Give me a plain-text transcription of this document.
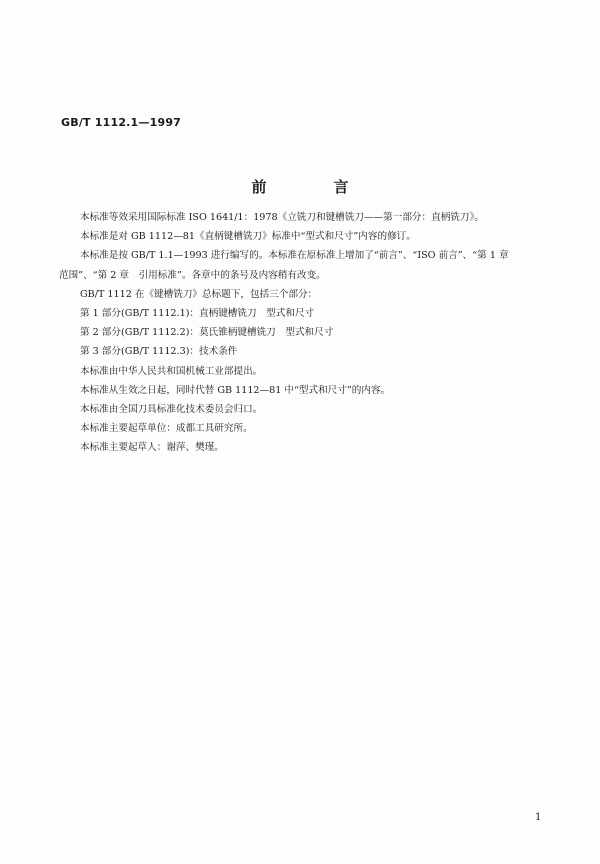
GB/T 1112.1—1997
前　言
本标准等效采用国际标准 ISO 1641/1：1978《立铣刀和键槽铣刀——第一部分：直柄铣刀》。
本标准是对 GB 1112—81《直柄键槽铣刀》标准中“型式和尺寸”内容的修订。
本标准是按 GB/T 1.1—1993 进行编写的。本标准在原标准上增加了“前言”、“ISO 前言”、“第 1 章
范围”、“第 2 章　引用标准”。各章中的条号及内容稍有改变。
GB/T 1112 在《键槽铣刀》总标题下，包括三个部分：
第 1 部分(GB/T 1112.1)：直柄键槽铣刀　型式和尺寸
第 2 部分(GB/T 1112.2)：莫氏锥柄键槽铣刀　型式和尺寸
第 3 部分(GB/T 1112.3)：技术条件
本标准由中华人民共和国机械工业部提出。
本标准从生效之日起，同时代替 GB 1112—81 中“型式和尺寸”的内容。
本标准由全国刀具标准化技术委员会归口。
本标准主要起草单位：成都工具研究所。
本标准主要起草人：谢萍、樊瑾。
1
